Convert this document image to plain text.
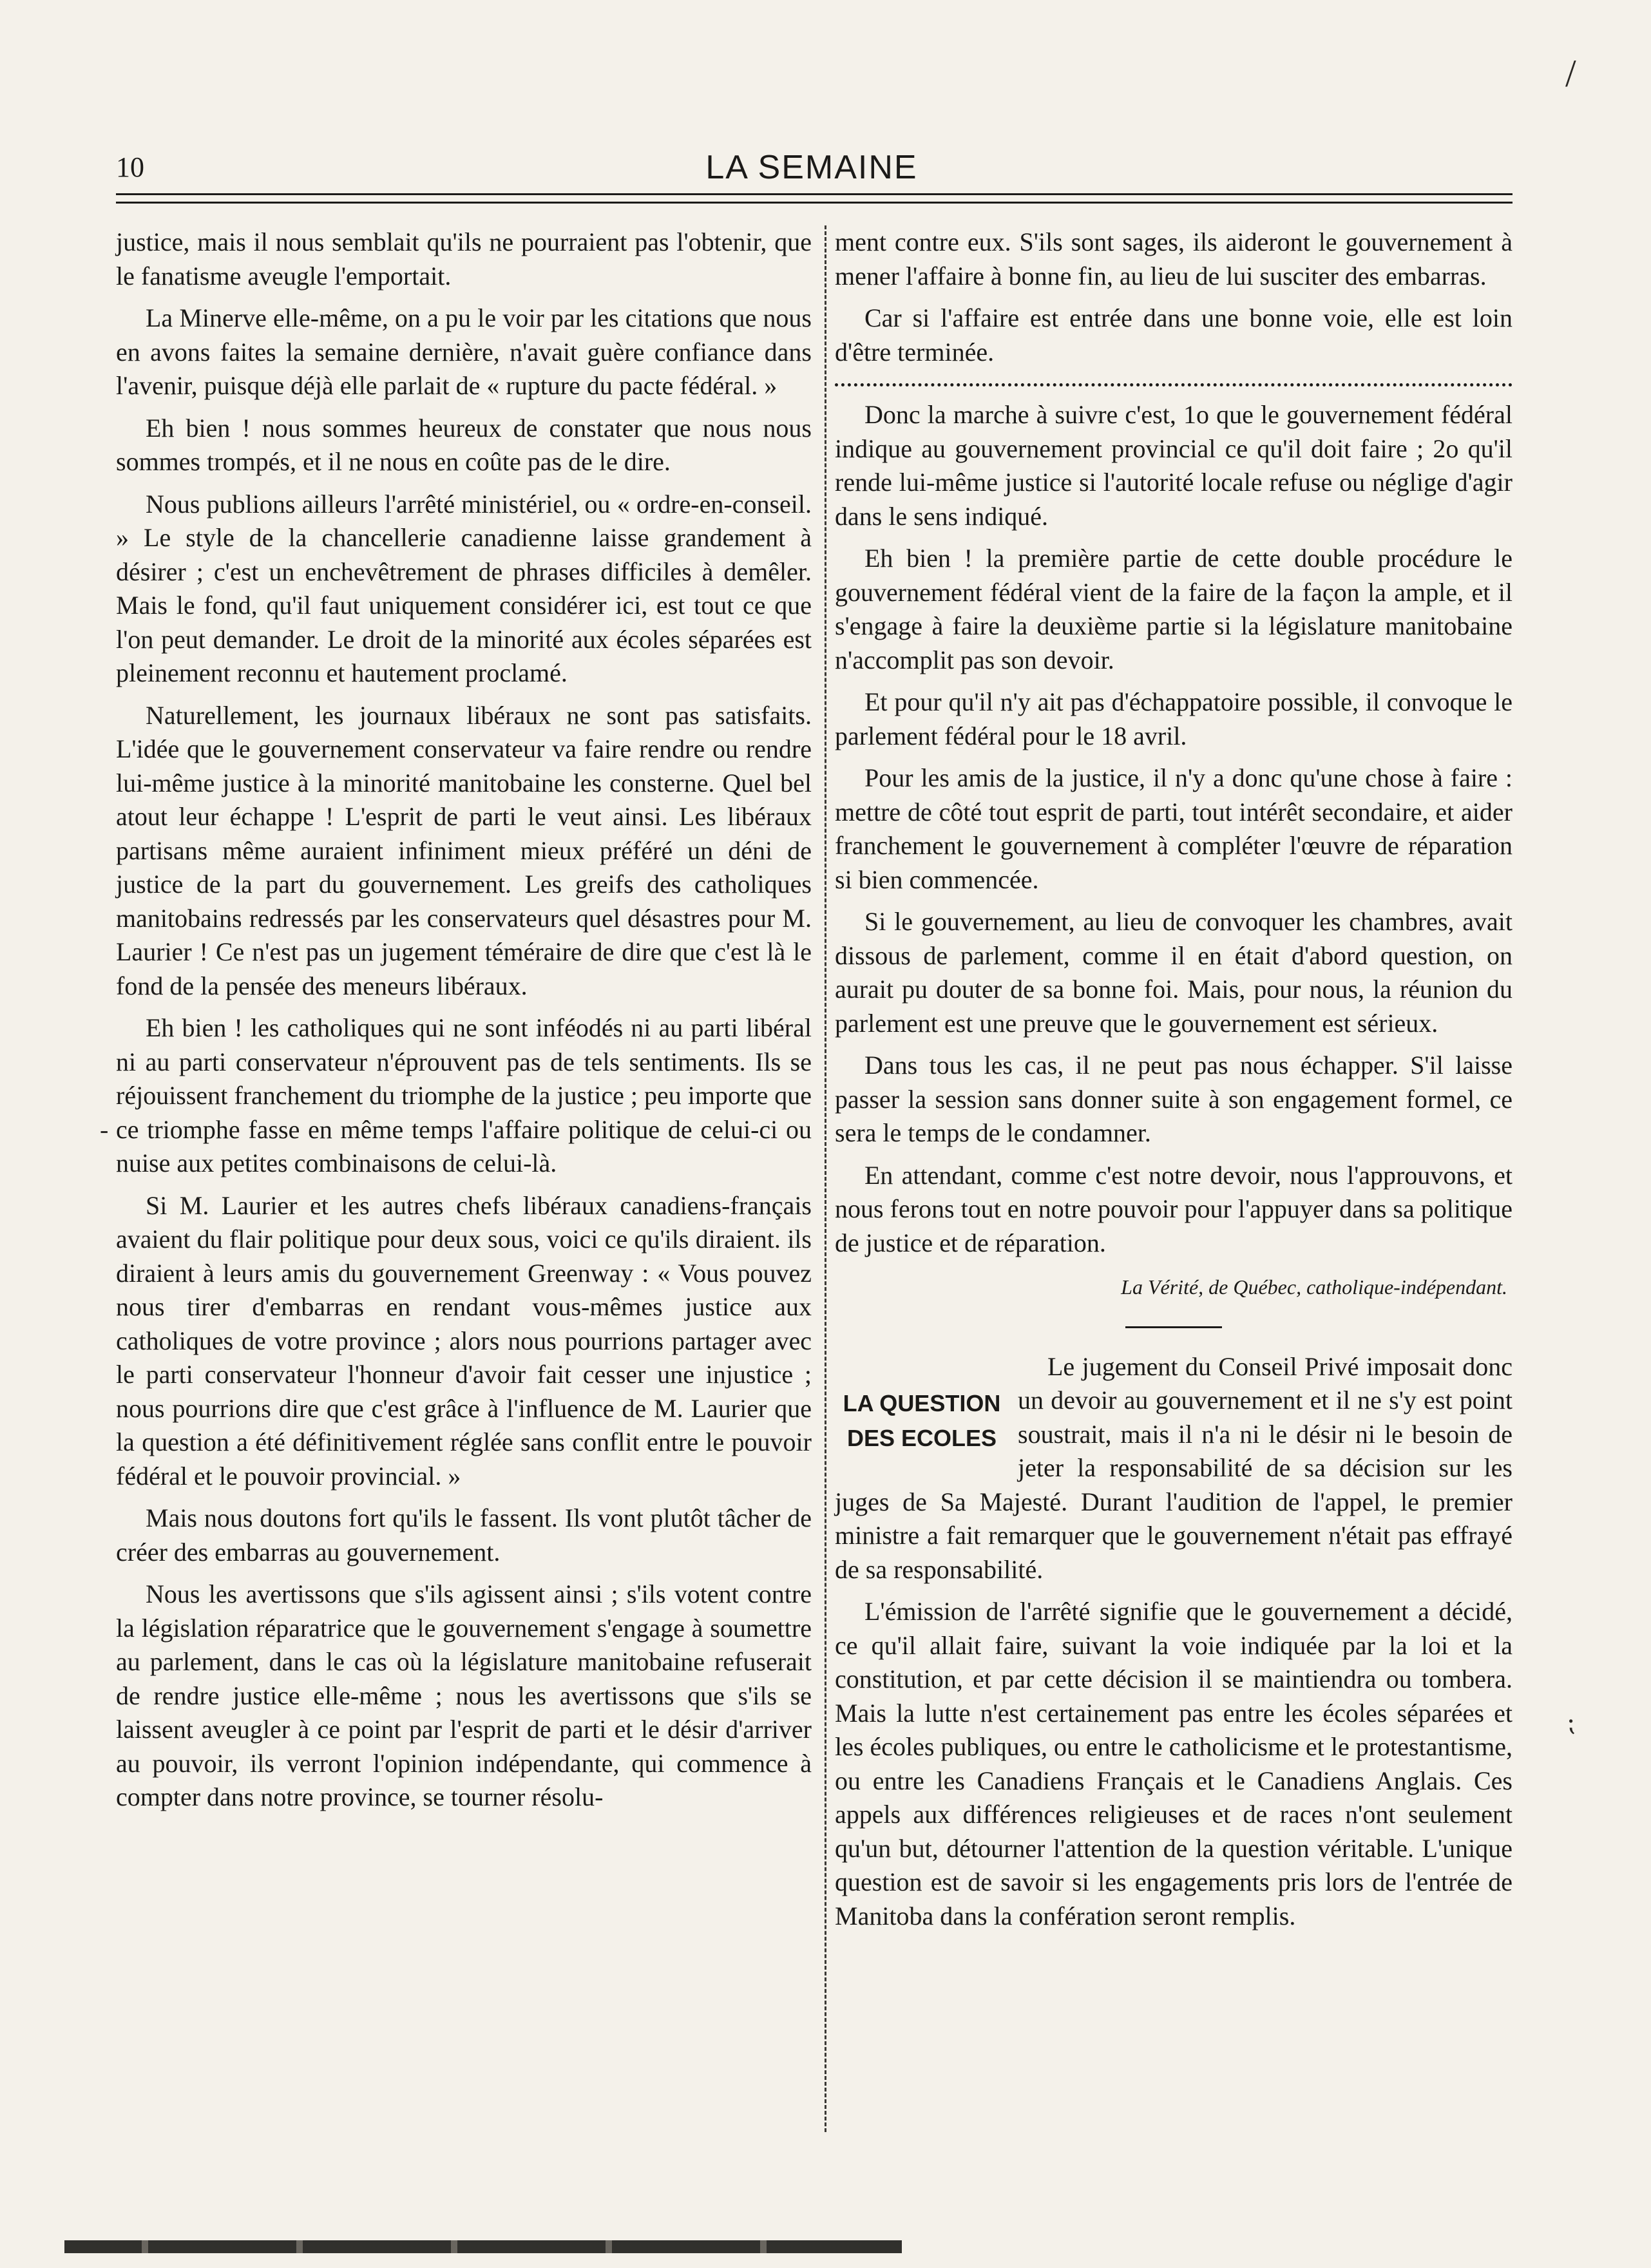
10	LA SEMAINE

justice, mais il nous semblait qu'ils ne pourraient pas l'obtenir, que le fanatisme aveugle l'emportait.

La Minerve elle-même, on a pu le voir par les citations que nous en avons faites la semaine dernière, n'avait guère confiance dans l'avenir, puisque déjà elle parlait de « rupture du pacte fédéral. »

Eh bien ! nous sommes heureux de constater que nous nous sommes trompés, et il ne nous en coûte pas de le dire.

Nous publions ailleurs l'arrêté ministériel, ou « ordre-en-conseil. » Le style de la chancellerie canadienne laisse grandement à désirer ; c'est un enchevêtrement de phrases difficiles à demêler. Mais le fond, qu'il faut uniquement considérer ici, est tout ce que l'on peut demander. Le droit de la minorité aux écoles séparées est pleinement reconnu et hautement proclamé.

Naturellement, les journaux libéraux ne sont pas satisfaits. L'idée que le gouvernement conservateur va faire rendre ou rendre lui-même justice à la minorité manitobaine les consterne. Quel bel atout leur échappe ! L'esprit de parti le veut ainsi. Les libéraux partisans même auraient infiniment mieux préféré un déni de justice de la part du gouvernement. Les greifs des catholiques manitobains redressés par les conservateurs quel désastres pour M. Laurier ! Ce n'est pas un jugement téméraire de dire que c'est là le fond de la pensée des meneurs libéraux.

Eh bien ! les catholiques qui ne sont inféodés ni au parti libéral ni au parti conservateur n'éprouvent pas de tels sentiments. Ils se réjouissent franchement du triomphe de la justice ; peu importe que ce triomphe fasse en même temps l'affaire politique de celui-ci ou nuise aux petites combinaisons de celui-là.

Si M. Laurier et les autres chefs libéraux canadiens-français avaient du flair politique pour deux sous, voici ce qu'ils diraient. ils diraient à leurs amis du gouvernement Greenway : « Vous pouvez nous tirer d'embarras en rendant vous-mêmes justice aux catholiques de votre province ; alors nous pourrions partager avec le parti conservateur l'honneur d'avoir fait cesser une injustice ; nous pourrions dire que c'est grâce à l'influence de M. Laurier que la question a été définitivement réglée sans conflit entre le pouvoir fédéral et le pouvoir provincial. »

Mais nous doutons fort qu'ils le fassent. Ils vont plutôt tâcher de créer des embarras au gouvernement.

Nous les avertissons que s'ils agissent ainsi ; s'ils votent contre la législation réparatrice que le gouvernement s'engage à soumettre au parlement, dans le cas où la législature manitobaine refuserait de rendre justice elle-même ; nous les avertissons que s'ils se laissent aveugler à ce point par l'esprit de parti et le désir d'arriver au pouvoir, ils verront l'opinion indépendante, qui commence à compter dans notre province, se tourner résolu-

ment contre eux. S'ils sont sages, ils aideront le gouvernement à mener l'affaire à bonne fin, au lieu de lui susciter des embarras.

Car si l'affaire est entrée dans une bonne voie, elle est loin d'être terminée.

Donc la marche à suivre c'est, 1o que le gouvernement fédéral indique au gouvernement provincial ce qu'il doit faire ; 2o qu'il rende lui-même justice si l'autorité locale refuse ou néglige d'agir dans le sens indiqué.

Eh bien ! la première partie de cette double procédure le gouvernement fédéral vient de la faire de la façon la ample, et il s'engage à faire la deuxième partie si la législature manitobaine n'accomplit pas son devoir.

Et pour qu'il n'y ait pas d'échappatoire possible, il convoque le parlement fédéral pour le 18 avril.

Pour les amis de la justice, il n'y a donc qu'une chose à faire : mettre de côté tout esprit de parti, tout intérêt secondaire, et aider franchement le gouvernement à compléter l'œuvre de réparation si bien commencée.

Si le gouvernement, au lieu de convoquer les chambres, avait dissous de parlement, comme il en était d'abord question, on aurait pu douter de sa bonne foi. Mais, pour nous, la réunion du parlement est une preuve que le gouvernement est sérieux.

Dans tous les cas, il ne peut pas nous échapper. S'il laisse passer la session sans donner suite à son engagement formel, ce sera le temps de le condamner.

En attendant, comme c'est notre devoir, nous l'approuvons, et nous ferons tout en notre pouvoir pour l'appuyer dans sa politique de justice et de réparation.

La Vérité, de Québec, catholique-indépendant.
LA QUESTION
DES ECOLES

Le jugement du Conseil Privé imposait donc un devoir au gouvernement et il ne s'y est point soustrait, mais il n'a ni le désir ni le besoin de jeter la responsabilité de sa décision sur les juges de Sa Majesté. Durant l'audition de l'appel, le premier ministre a fait remarquer que le gouvernement n'était pas effrayé de sa responsabilité.

L'émission de l'arrêté signifie que le gouvernement a décidé, ce qu'il allait faire, suivant la voie indiquée par la loi et la constitution, et par cette décision il se maintiendra ou tombera. Mais la lutte n'est certainement pas entre les écoles séparées et les écoles publiques, ou entre le catholicisme et le protestantisme, ou entre les Canadiens Français et le Canadiens Anglais. Ces appels aux différences religieuses et de races n'ont seulement qu'un but, détourner l'attention de la question véritable. L'unique question est de savoir si les engagements pris lors de l'entrée de Manitoba dans la confération seront remplis.

-
⁏
/
